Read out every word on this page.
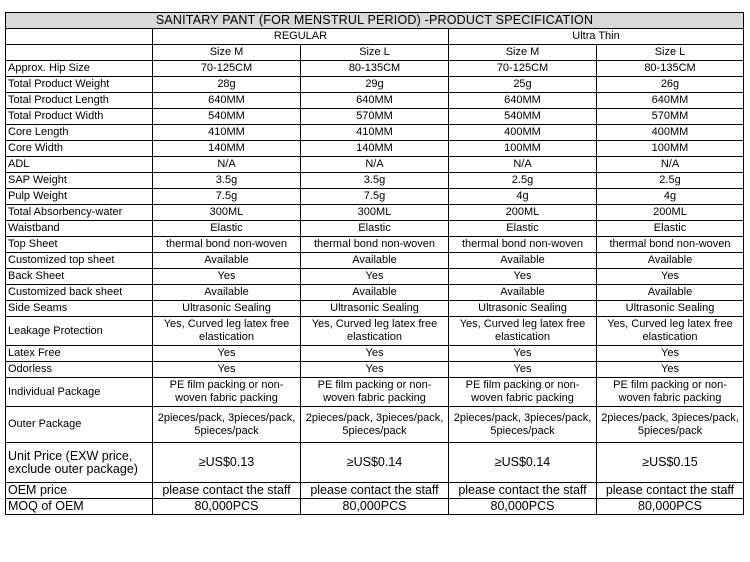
SANITARY PANT (FOR MENSTRUL PERIOD) -PRODUCT SPECIFICATION				
	REGULAR		Ultra Thin	
	Size M	Size L	Size M	Size L
Approx. Hip Size	70-125CM	80-135CM	70-125CM	80-135CM
Total Product Weight	28g	29g	25g	26g
Total Product Length	640MM	640MM	640MM	640MM
Total Product Width	540MM	570MM	540MM	570MM
Core Length	410MM	410MM	400MM	400MM
Core Width	140MM	140MM	100MM	100MM
ADL	N/A	N/A	N/A	N/A
SAP Weight	3.5g	3.5g	2.5g	2.5g
Pulp Weight	7.5g	7.5g	4g	4g
Total Absorbency-water	300ML	300ML	200ML	200ML
Waistband	Elastic	Elastic	Elastic	Elastic
Top Sheet	thermal bond non-woven	thermal bond non-woven	thermal bond non-woven	thermal bond non-woven
Customized top sheet	Available	Available	Available	Available
Back Sheet	Yes	Yes	Yes	Yes
Customized back sheet	Available	Available	Available	Available
Side Seams	Ultrasonic Sealing	Ultrasonic Sealing	Ultrasonic Sealing	Ultrasonic Sealing
Leakage Protection	Yes, Curved leg latex free elastication	Yes, Curved leg latex free elastication	Yes, Curved leg latex free elastication	Yes, Curved leg latex free elastication
Latex Free	Yes	Yes	Yes	Yes
Odorless	Yes	Yes	Yes	Yes
Individual Package	PE film packing or non-woven fabric packing	PE film packing or non-woven fabric packing	PE film packing or non-woven fabric packing	PE film packing or non-woven fabric packing
Outer Package	2pieces/pack, 3pieces/pack, 5pieces/pack	2pieces/pack, 3pieces/pack, 5pieces/pack	2pieces/pack, 3pieces/pack, 5pieces/pack	2pieces/pack, 3pieces/pack, 5pieces/pack
Unit Price (EXW price, exclude outer package)	≥US$0.13	≥US$0.14	≥US$0.14	≥US$0.15
OEM price	please contact the staff	please contact the staff	please contact the staff	please contact the staff
MOQ of OEM	80,000PCS	80,000PCS	80,000PCS	80,000PCS
